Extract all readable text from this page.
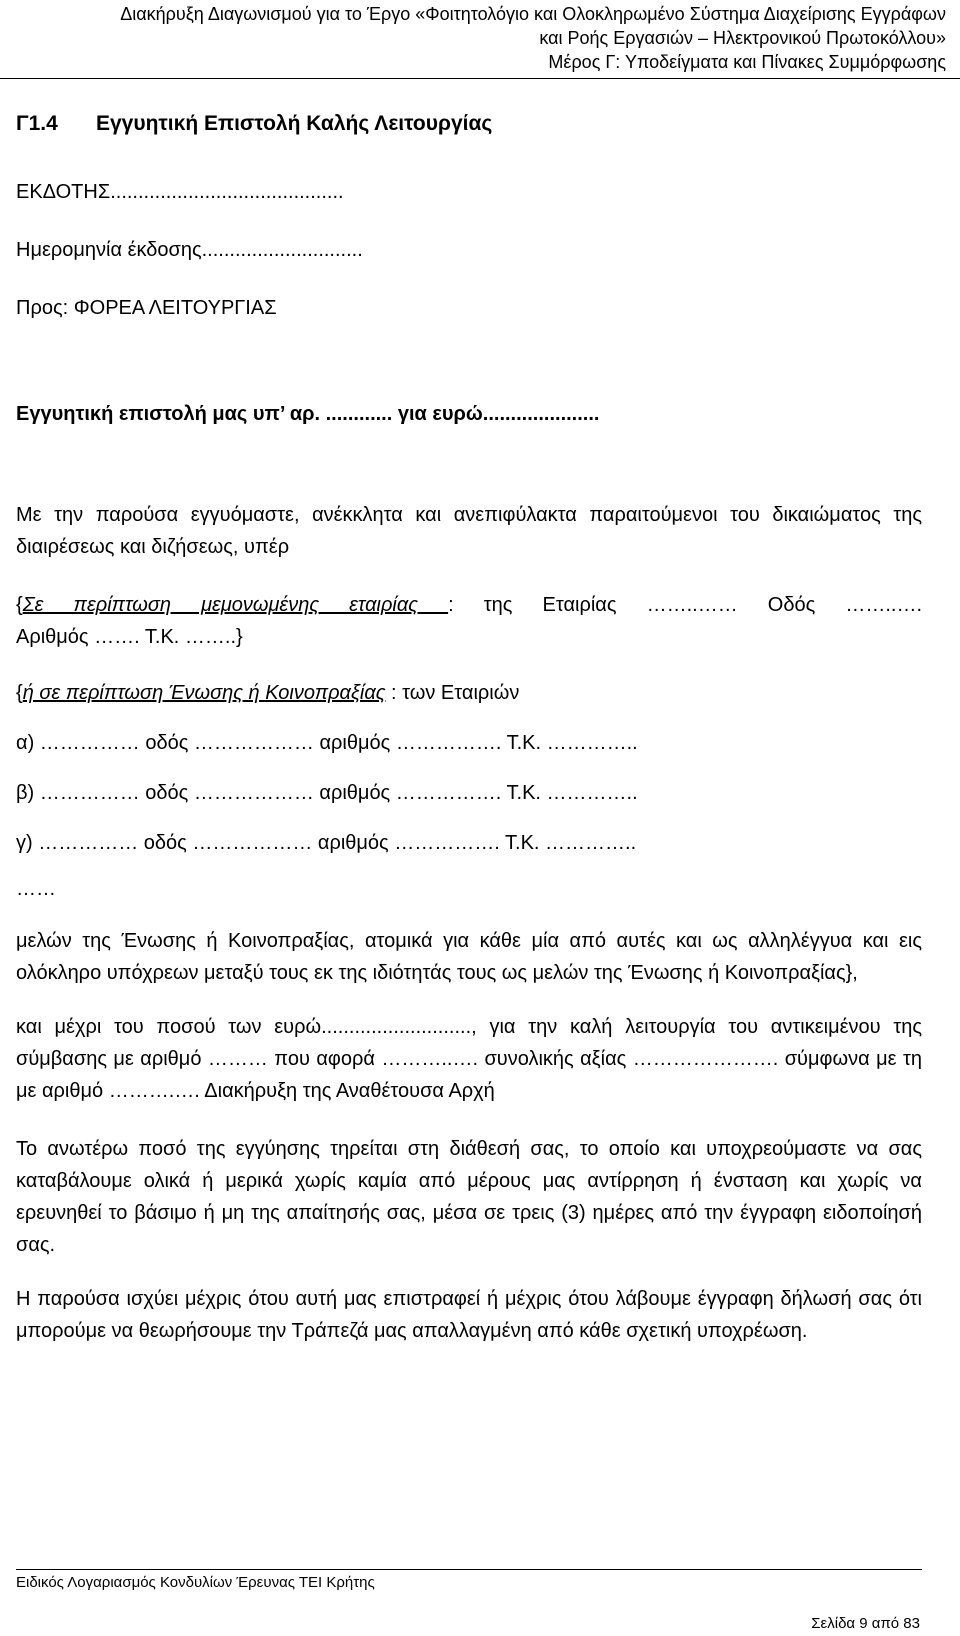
Διακήρυξη Διαγωνισμού για το Έργο «Φοιτητολόγιο και Ολοκληρωμένο Σύστημα Διαχείρισης Εγγράφων
και Ροής Εργασιών – Ηλεκτρονικού Πρωτοκόλλου»
Μέρος Γ: Υποδείγματα και Πίνακες Συμμόρφωσης

Γ1.4 Εγγυητική Επιστολή Καλής Λειτουργίας

ΕΚΔΟΤΗΣ..........................................

Ημερομηνία έκδοσης.............................

Προς: ΦΟΡΕΑ ΛΕΙΤΟΥΡΓΙΑΣ

Εγγυητική επιστολή μας υπ’ αρ. ............ για ευρώ.....................

Με την παρούσα εγγυόμαστε, ανέκκλητα και ανεπιφύλακτα παραιτούμενοι του δικαιώματος της διαιρέσεως και διζήσεως, υπέρ

{Σε περίπτωση μεμονωμένης εταιρίας : της Εταιρίας ……..…… Οδός ……..….
Αριθμός ……. Τ.Κ. ……..}

{ή σε περίπτωση Ένωσης ή Κοινοπραξίας : των Εταιριών

α) …………… οδός ……………… αριθμός ……………. Τ.Κ. …………..

β) …………… οδός ……………… αριθμός ……………. Τ.Κ. …………..

γ) …………… οδός ……………… αριθμός ……………. Τ.Κ. …………..

……

μελών της Ένωσης ή Κοινοπραξίας, ατομικά για κάθε μία από αυτές και ως αλληλέγγυα και εις ολόκληρο υπόχρεων μεταξύ τους εκ της ιδιότητάς τους ως μελών της Ένωσης ή Κοινοπραξίας},

και μέχρι του ποσού των ευρώ..........................., για την καλή λειτουργία του αντικειμένου της σύμβασης με αριθμό ……… που αφορά ………..…. συνολικής αξίας …………………. σύμφωνα με τη με αριθμό ……….…. Διακήρυξη της Αναθέτουσα Αρχή

Το ανωτέρω ποσό της εγγύησης τηρείται στη διάθεσή σας, το οποίο και υποχρεούμαστε να σας καταβάλουμε ολικά ή μερικά χωρίς καμία από μέρους μας αντίρρηση ή ένσταση και χωρίς να ερευνηθεί το βάσιμο ή μη της απαίτησής σας, μέσα σε τρεις (3) ημέρες από την έγγραφη ειδοποίησή σας.

Η παρούσα ισχύει μέχρις ότου αυτή μας επιστραφεί ή μέχρις ότου λάβουμε έγγραφη δήλωσή σας ότι μπορούμε να θεωρήσουμε την Τράπεζά μας απαλλαγμένη από κάθε σχετική υποχρέωση.

Ειδικός Λογαριασμός Κονδυλίων Έρευνας ΤΕΙ Κρήτης
Σελίδα 9 από 83
